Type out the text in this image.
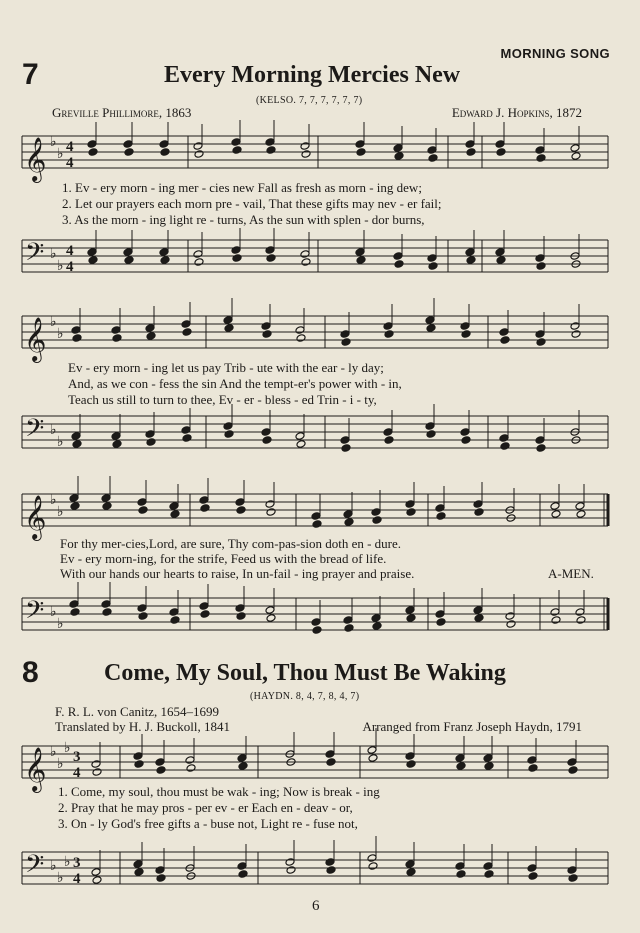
MORNING SONG
7	Every Morning Mercies New
(KELSO. 7, 7, 7, 7, 7, 7)
Greville Phillimore, 1863	Edward J. Hopkins, 1872
𝄞 ♭
♭ 4
4
1. Ev - ery morn - ing mer - cies new Fall as fresh as morn - ing dew;
2. Let our prayers each morn pre - vail, That these gifts may nev - er fail;
3. As the morn - ing light re - turns, As the sun with splen - dor burns,
𝄢 ♭
♭
4
4
𝄞 ♭
♭
Ev - ery morn - ing let us pay Trib - ute with the ear - ly day;
And, as we con - fess the sin And the tempt-er's power with - in,
Teach us still to turn to thee, Ev - er - bless - ed Trin - i - ty,
𝄢 ♭
♭
𝄞 ♭
♭
For thy mer-cies,Lord, are sure, Thy com-pas-sion doth en - dure.
Ev - ery morn-ing, for the strife, Feed us with the bread of life.
With our hands our hearts to raise, In un-fail - ing prayer and praise.	A-MEN.
𝄢 ♭
♭
8	Come, My Soul, Thou Must Be Waking
(HAYDN. 8, 4, 7, 8, 4, 7)
F. R. L. von Canitz, 1654–1699
Translated by H. J. Buckoll, 1841	Arranged from Franz Joseph Haydn, 1791
𝄞 ♭
♭
♭
3
4
1. Come, my soul, thou must be wak - ing; Now is break - ing
2. Pray that he may pros - per ev - er Each en - deav - or,
3. On - ly God's free gifts a - buse not, Light re - fuse not,
𝄢 ♭
♭
♭ 3
4
6
